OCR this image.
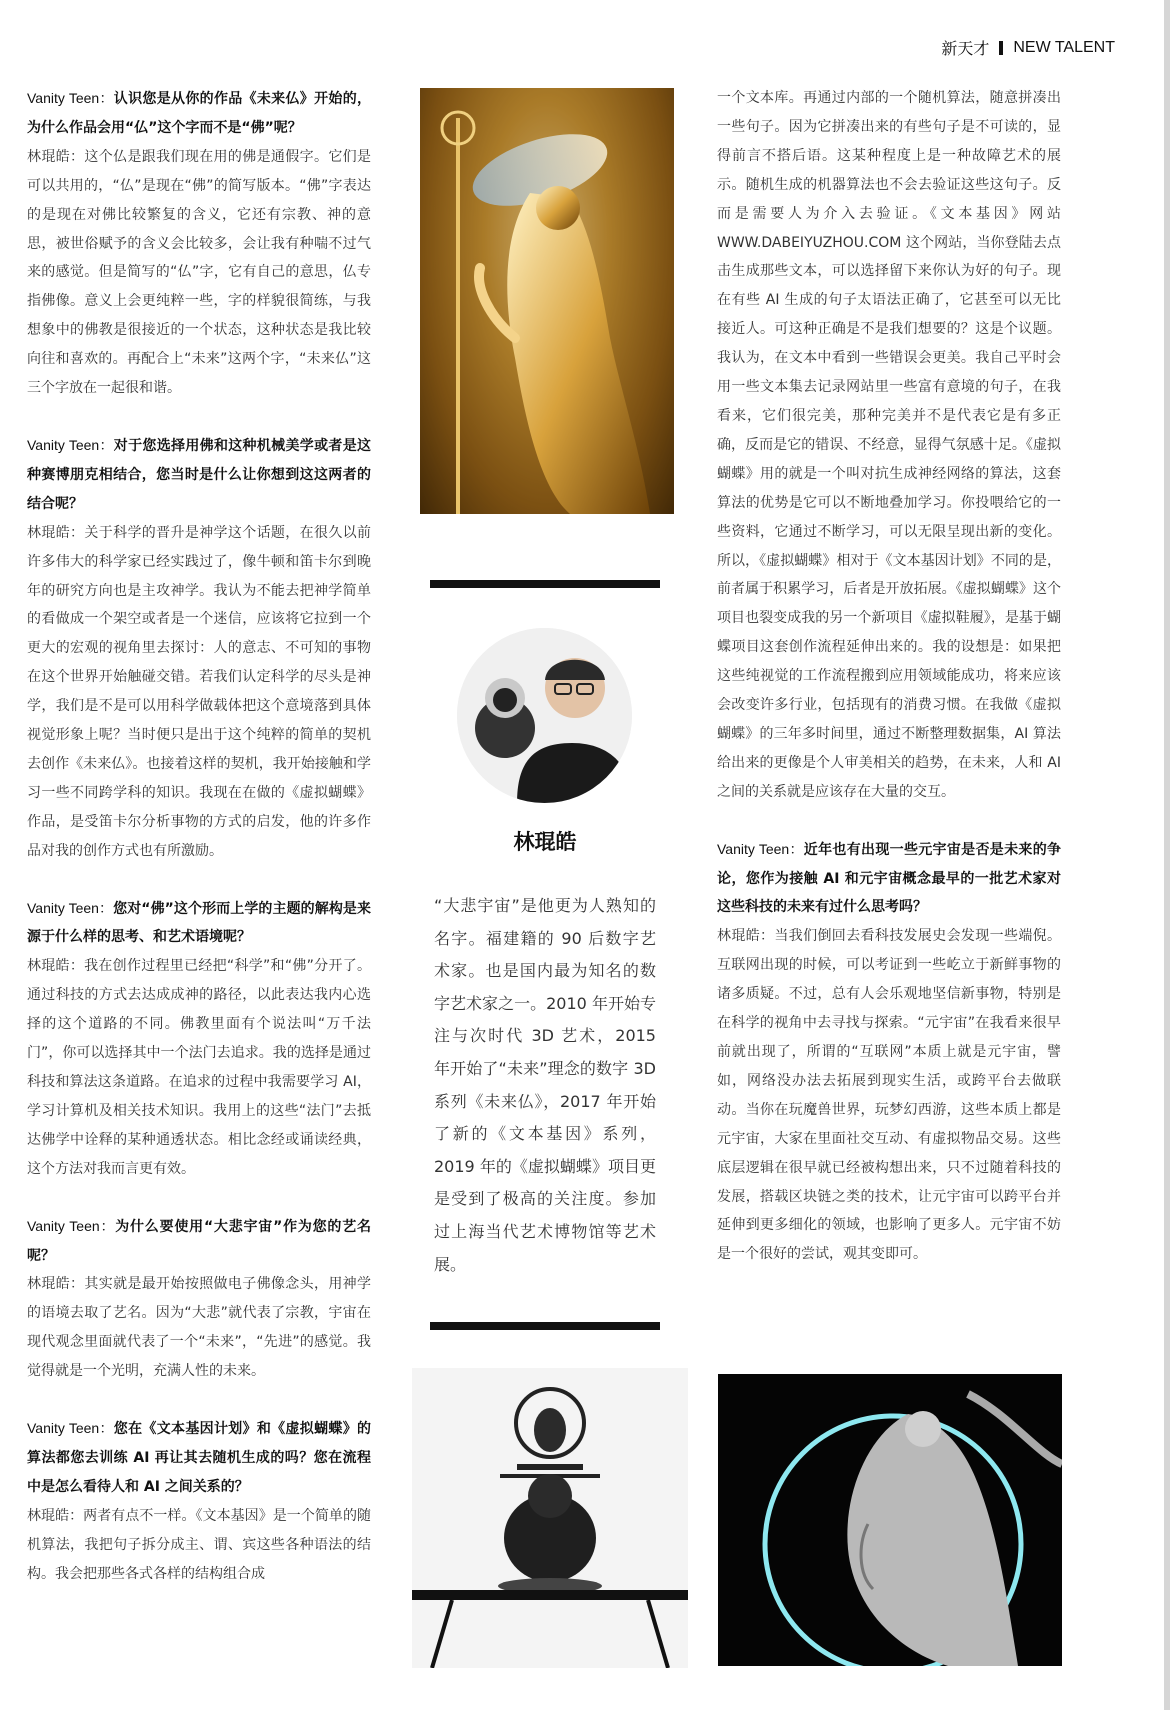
新天才 NEW TALENT

Vanity Teen：认识您是从你的作品《未来仏》开始的，为什么作品会用“仏”这个字而不是“佛”呢？

林琨皓：这个仏是跟我们现在用的佛是通假字。它们是可以共用的，“仏”是现在“佛”的简写版本。“佛”字表达的是现在对佛比较繁复的含义，它还有宗教、神的意思，被世俗赋予的含义会比较多，会让我有种喘不过气来的感觉。但是简写的“仏”字，它有自己的意思，仏专指佛像。意义上会更纯粹一些，字的样貌很简练，与我想象中的佛教是很接近的一个状态，这种状态是我比较向往和喜欢的。再配合上“未来”这两个字，“未来仏”这三个字放在一起很和谐。

Vanity Teen：对于您选择用佛和这种机械美学或者是这种赛博朋克相结合，您当时是什么让你想到这这两者的结合呢？

林琨皓：关于科学的晋升是神学这个话题，在很久以前许多伟大的科学家已经实践过了，像牛顿和笛卡尔到晚年的研究方向也是主攻神学。我认为不能去把神学简单的看做成一个架空或者是一个迷信，应该将它拉到一个更大的宏观的视角里去探讨：人的意志、不可知的事物在这个世界开始触碰交错。若我们认定科学的尽头是神学，我们是不是可以用科学做载体把这个意境落到具体视觉形象上呢？当时便只是出于这个纯粹的简单的契机去创作《未来仏》。也接着这样的契机，我开始接触和学习一些不同跨学科的知识。我现在在做的《虚拟蝴蝶》作品，是受笛卡尔分析事物的方式的启发，他的许多作品对我的创作方式也有所激励。

Vanity Teen：您对“佛”这个形而上学的主题的解构是来源于什么样的思考、和艺术语境呢？

林琨皓：我在创作过程里已经把“科学”和“佛”分开了。通过科技的方式去达成成神的路径，以此表达我内心选择的这个道路的不同。佛教里面有个说法叫“万千法门”，你可以选择其中一个法门去追求。我的选择是通过科技和算法这条道路。在追求的过程中我需要学习 AI，学习计算机及相关技术知识。我用上的这些“法门”去抵达佛学中诠释的某种通透状态。相比念经或诵读经典，这个方法对我而言更有效。

Vanity Teen：为什么要使用“大悲宇宙”作为您的艺名呢？

林琨皓：其实就是最开始按照做电子佛像念头，用神学的语境去取了艺名。因为“大悲”就代表了宗教，宇宙在现代观念里面就代表了一个“未来”，“先进”的感觉。我觉得就是一个光明，充满人性的未来。

Vanity Teen：您在《文本基因计划》和《虚拟蝴蝶》的算法都您去训练 AI 再让其去随机生成的吗？您在流程中是怎么看待人和 AI 之间关系的？

林琨皓：两者有点不一样。《文本基因》是一个简单的随机算法，我把句子拆分成主、谓、宾这些各种语法的结构。我会把那些各式各样的结构组合成

林琨皓
“大悲宇宙”是他更为人熟知的名字。福建籍的 90 后数字艺术家。也是国内最为知名的数字艺术家之一。2010 年开始专注与次时代 3D 艺术，2015 年开始了“未来”理念的数字 3D 系列《未来仏》，2017 年开始了新的《文本基因》系列，2019 年的《虚拟蝴蝶》项目更是受到了极高的关注度。参加过上海当代艺术博物馆等艺术展。

一个文本库。再通过内部的一个随机算法，随意拼凑出一些句子。因为它拼凑出来的有些句子是不可读的，显得前言不搭后语。这某种程度上是一种故障艺术的展示。随机生成的机器算法也不会去验证这些这句子。反而是需要人为介入去验证。《文本基因》网站 WWW.DABEIYUZHOU.COM 这个网站，当你登陆去点击生成那些文本，可以选择留下来你认为好的句子。现在有些 AI 生成的句子太语法正确了，它甚至可以无比接近人。可这种正确是不是我们想要的？这是个议题。我认为，在文本中看到一些错误会更美。我自己平时会用一些文本集去记录网站里一些富有意境的句子，在我看来，它们很完美，那种完美并不是代表它是有多正确，反而是它的错误、不经意，显得气氛感十足。《虚拟蝴蝶》用的就是一个叫对抗生成神经网络的算法，这套算法的优势是它可以不断地叠加学习。你投喂给它的一些资料，它通过不断学习，可以无限呈现出新的变化。所以，《虚拟蝴蝶》相对于《文本基因计划》不同的是，前者属于积累学习，后者是开放拓展。《虚拟蝴蝶》这个项目也裂变成我的另一个新项目《虚拟鞋履》，是基于蝴蝶项目这套创作流程延伸出来的。我的设想是：如果把这些纯视觉的工作流程搬到应用领域能成功，将来应该会改变许多行业，包括现有的消费习惯。在我做《虚拟蝴蝶》的三年多时间里，通过不断整理数据集，AI 算法给出来的更像是个人审美相关的趋势，在未来，人和 AI 之间的关系就是应该存在大量的交互。

Vanity Teen：近年也有出现一些元宇宙是否是未来的争论，您作为接触 AI 和元宇宙概念最早的一批艺术家对这些科技的未来有过什么思考吗？

林琨皓：当我们倒回去看科技发展史会发现一些端倪。互联网出现的时候，可以考证到一些屹立于新鲜事物的诸多质疑。不过，总有人会乐观地坚信新事物，特别是在科学的视角中去寻找与探索。“元宇宙”在我看来很早前就出现了，所谓的“互联网”本质上就是元宇宙，譬如，网络没办法去拓展到现实生活，或跨平台去做联动。当你在玩魔兽世界，玩梦幻西游，这些本质上都是元宇宙，大家在里面社交互动、有虚拟物品交易。这些底层逻辑在很早就已经被构想出来，只不过随着科技的发展，搭载区块链之类的技术，让元宇宙可以跨平台并延伸到更多细化的领域，也影响了更多人。元宇宙不妨是一个很好的尝试，观其变即可。
